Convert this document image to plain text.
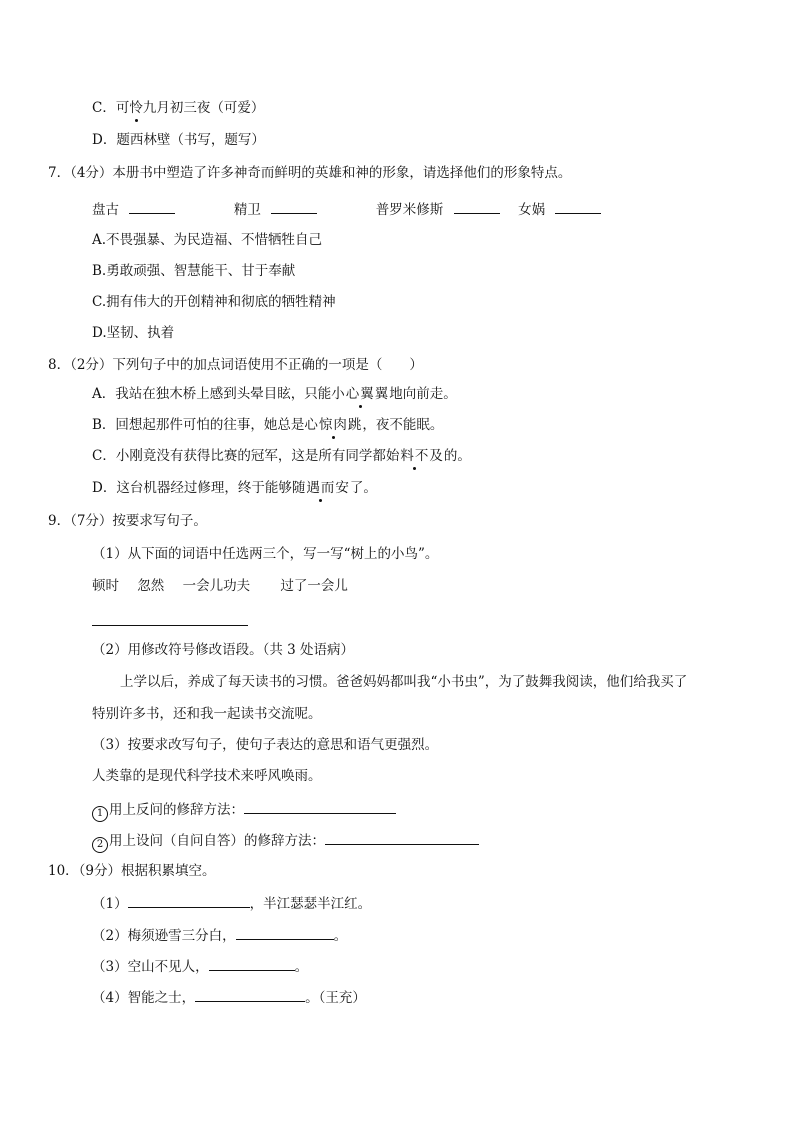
C．可怜九月初三夜（可爱）
D．题西林壁（书写，题写）
7．（4分）本册书中塑造了许多神奇而鲜明的英雄和神的形象，请选择他们的形象特点。
盘古	精卫	普罗米修斯	女娲
A.不畏强暴、为民造福、不惜牺牲自己
B.勇敢顽强、智慧能干、甘于奉献
C.拥有伟大的开创精神和彻底的牺牲精神
D.坚韧、执着
8．（2分）下列句子中的加点词语使用不正确的一项是（　　）
A．我站在独木桥上感到头晕目眩，只能小心翼翼地向前走。
B．回想起那件可怕的往事，她总是心惊肉跳，夜不能眠。
C．小刚竟没有获得比赛的冠军，这是所有同学都始料不及的。
D．这台机器经过修理，终于能够随遇而安了。
9．（7分）按要求写句子。
（1）从下面的词语中任选两三个，写一写“树上的小鸟”。
顿时 忽然 一会儿功夫 过了一会儿
（2）用修改符号修改语段。（共 3 处语病）
上学以后，养成了每天读书的习惯。爸爸妈妈都叫我“小书虫”，为了鼓舞我阅读，他们给我买了
特别许多书，还和我一起读书交流呢。
（3）按要求改写句子，使句子表达的意思和语气更强烈。
人类靠的是现代科学技术来呼风唤雨。
1 用上反问的修辞方法：
2 用上设问（自问自答）的修辞方法：
10．（9分）根据积累填空。
（1）	，半江瑟瑟半江红。
（2）梅须逊雪三分白，	。
（3）空山不见人，	。
（4）智能之士，	。（王充）
